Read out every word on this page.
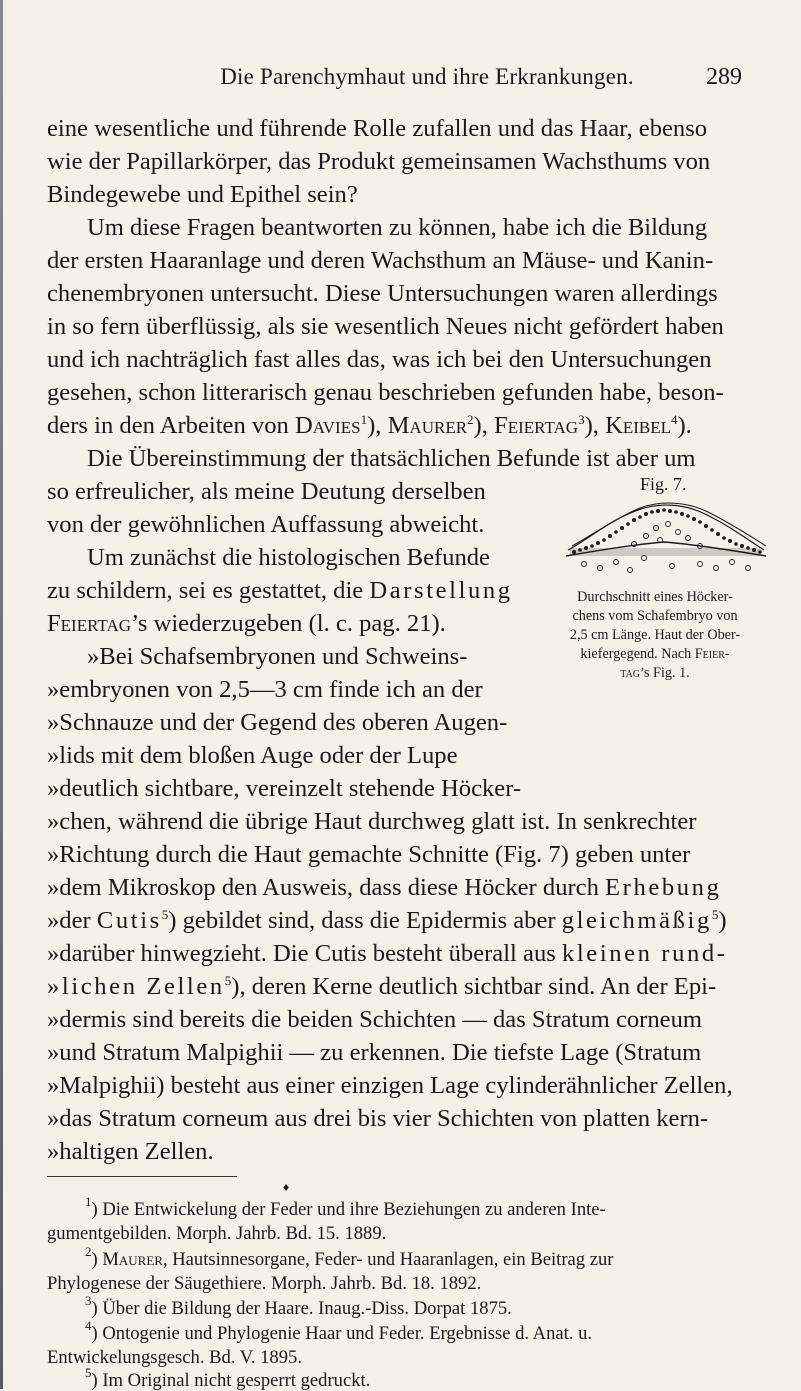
Die Parenchymhaut und ihre Erkrankungen.	289
eine wesentliche und führende Rolle zufallen und das Haar, ebenso
wie der Papillarkörper, das Produkt gemeinsamen Wachsthums von
Bindegewebe und Epithel sein?
Um diese Fragen beantworten zu können, habe ich die Bildung
der ersten Haaranlage und deren Wachsthum an Mäuse- und Kanin-
chenembryonen untersucht. Diese Untersuchungen waren allerdings
in so fern überflüssig, als sie wesentlich Neues nicht gefördert haben
und ich nachträglich fast alles das, was ich bei den Untersuchungen
gesehen, schon litterarisch genau beschrieben gefunden habe, beson-
ders in den Arbeiten von Davies$^1$), Maurer$^2$), Feiertag$^3$), Keibel$^4$).
Die Übereinstimmung der thatsächlichen Befunde ist aber um
so erfreulicher, als meine Deutung derselben
von der gewöhnlichen Auffassung abweicht.
Um zunächst die histologischen Befunde
zu schildern, sei es gestattet, die Darstellung
Feiertag’s wiederzugeben (l. c. pag. 21).
»Bei Schafsembryonen und Schweins-
»embryonen von 2,5—3 cm finde ich an der
»Schnauze und der Gegend des oberen Augen-
»lids mit dem bloßen Auge oder der Lupe
»deutlich sichtbare, vereinzelt stehende Höcker-
»chen, während die übrige Haut durchweg glatt ist. In senkrechter
»Richtung durch die Haut gemachte Schnitte (Fig. 7) geben unter
»dem Mikroskop den Ausweis, dass diese Höcker durch Erhebung
»der Cutis$^5$) gebildet sind, dass die Epidermis aber gleichmäßig$^5$)
»darüber hinwegzieht. Die Cutis besteht überall aus kleinen rund-
»lichen Zellen$^5$), deren Kerne deutlich sichtbar sind. An der Epi-
»dermis sind bereits die beiden Schichten — das Stratum corneum
»und Stratum Malpighii — zu erkennen. Die tiefste Lage (Stratum
»Malpighii) besteht aus einer einzigen Lage cylinderähnlicher Zellen,
»das Stratum corneum aus drei bis vier Schichten von platten kern-
»haltigen Zellen.
Fig. 7.
Durchschnitt eines Höcker-
chens vom Schafembryo von
2,5 cm Länge. Haut der Ober-
kiefergegend. Nach Feier-
tag’s Fig. 1.
♦
$^1$) Die Entwickelung der Feder und ihre Beziehungen zu anderen Inte-
gumentgebilden. Morph. Jahrb. Bd. 15. 1889.
$^2$) Maurer, Hautsinnesorgane, Feder- und Haaranlagen, ein Beitrag zur
Phylogenese der Säugethiere. Morph. Jahrb. Bd. 18. 1892.
$^3$) Über die Bildung der Haare. Inaug.-Diss. Dorpat 1875.
$^4$) Ontogenie und Phylogenie Haar und Feder. Ergebnisse d. Anat. u.
Entwickelungsgesch. Bd. V. 1895.
$^5$) Im Original nicht gesperrt gedruckt.
